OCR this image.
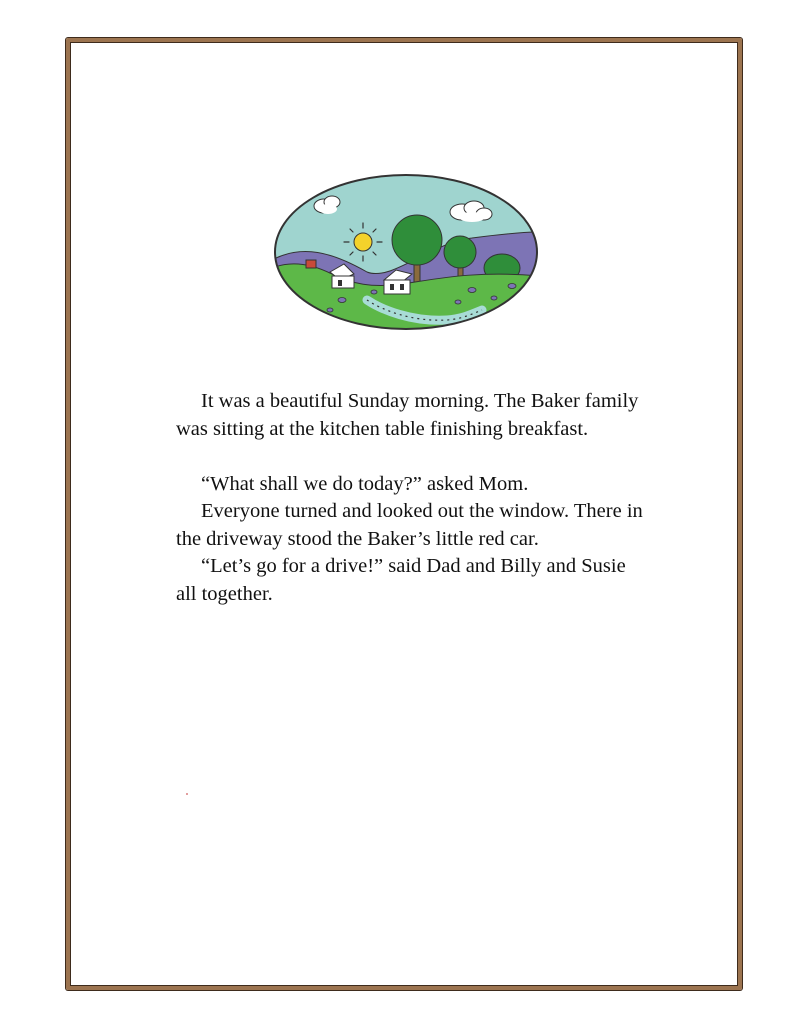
It was a beautiful Sunday morning. The Baker family was sitting at the kitchen table finishing breakfast.

“What shall we do today?” asked Mom.

Everyone turned and looked out the window. There in the driveway stood the Baker’s little red car.

“Let’s go for a drive!” said Dad and Billy and Susie all together.
